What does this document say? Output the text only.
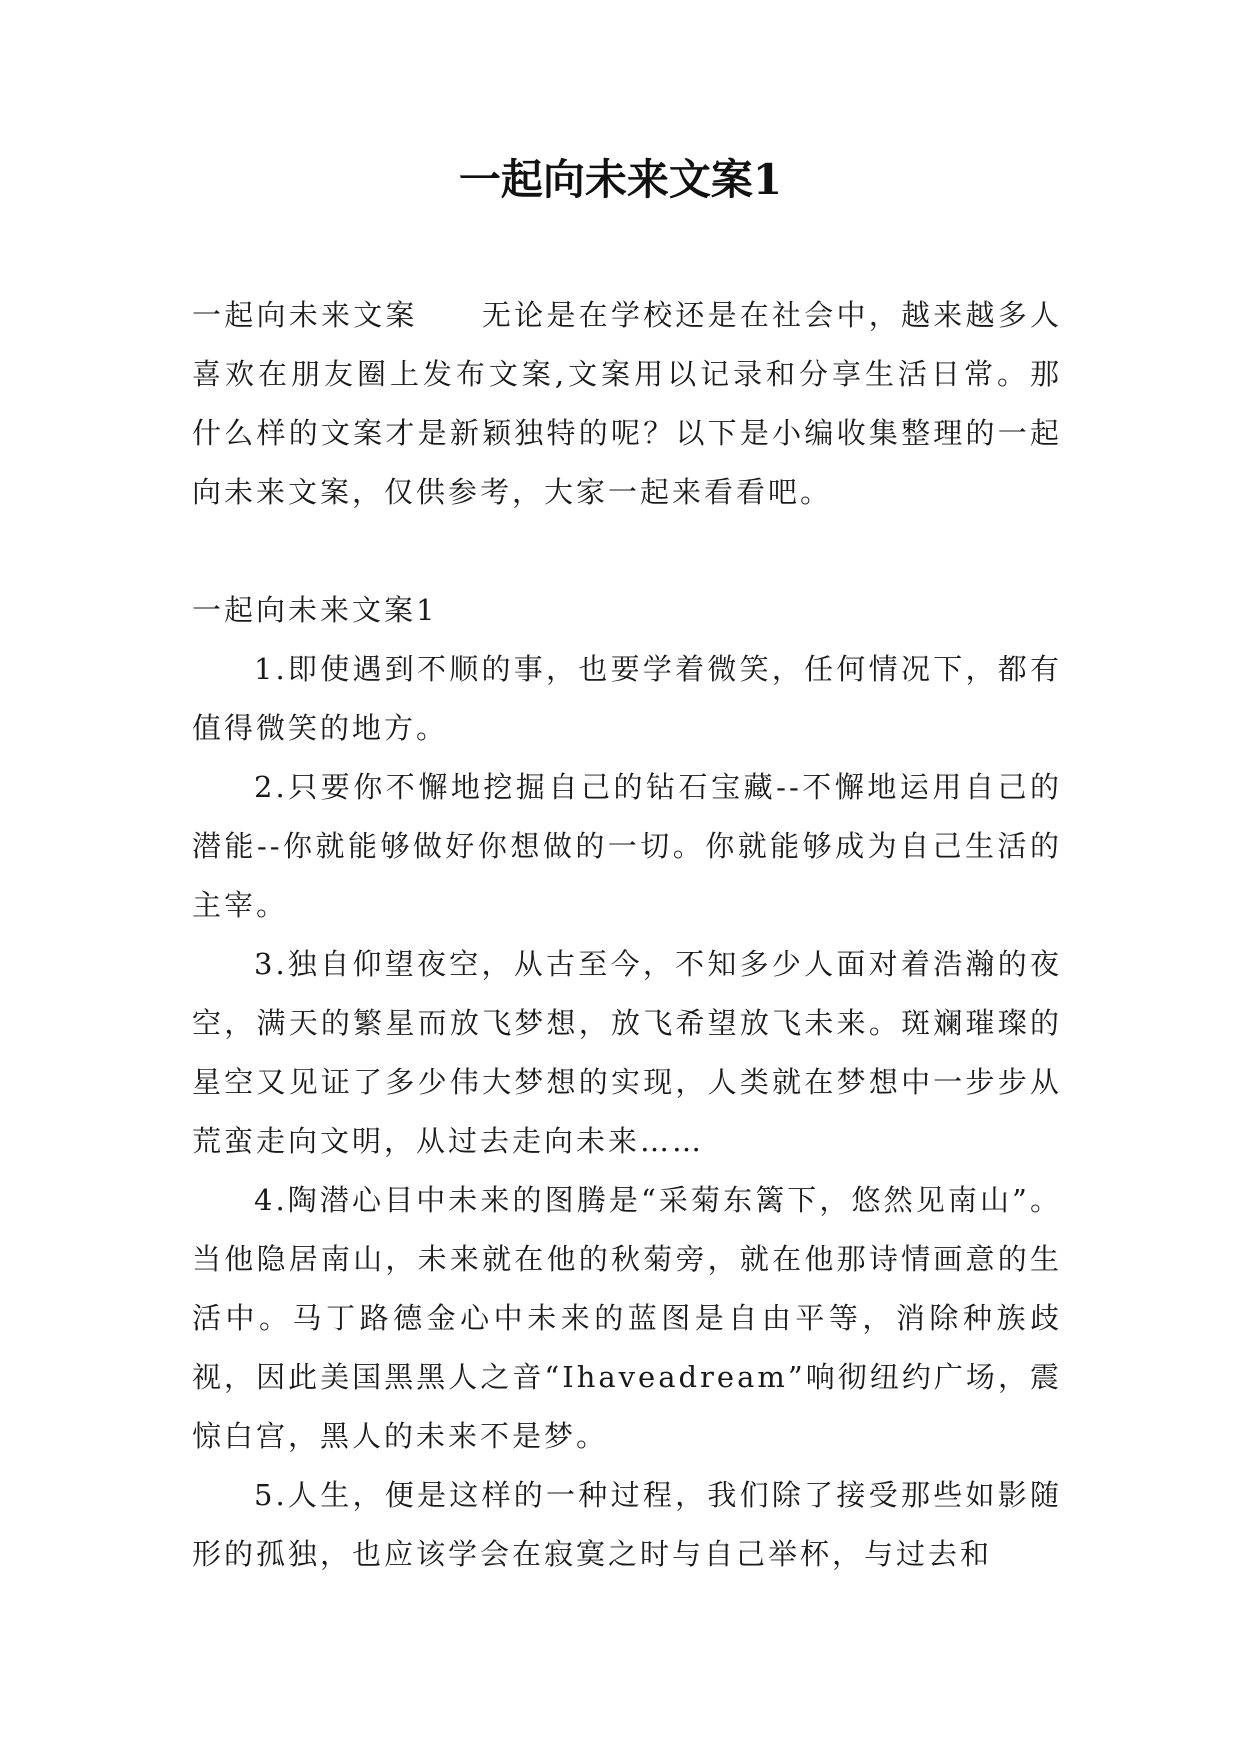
一起向未来文案1

一起向未来文案 无论是在学校还是在社会中，越来越多人喜欢在朋友圈上发布文案,文案用以记录和分享生活日常。那什么样的文案才是新颖独特的呢？以下是小编收集整理的一起向未来文案，仅供参考，大家一起来看看吧。

一起向未来文案1

1.即使遇到不顺的事，也要学着微笑，任何情况下，都有值得微笑的地方。

2.只要你不懈地挖掘自己的钻石宝藏--不懈地运用自己的潜能--你就能够做好你想做的一切。你就能够成为自己生活的主宰。

3.独自仰望夜空，从古至今，不知多少人面对着浩瀚的夜空，满天的繁星而放飞梦想，放飞希望放飞未来。斑斓璀璨的星空又见证了多少伟大梦想的实现，人类就在梦想中一步步从荒蛮走向文明，从过去走向未来……

4.陶潜心目中未来的图腾是“采菊东篱下，悠然见南山”。当他隐居南山，未来就在他的秋菊旁，就在他那诗情画意的生活中。马丁路德金心中未来的蓝图是自由平等，消除种族歧视，因此美国黑黑人之音“Ihaveadream”响彻纽约广场，震惊白宫，黑人的未来不是梦。

5.人生，便是这样的一种过程，我们除了接受那些如影随形的孤独，也应该学会在寂寞之时与自己举杯，与过去和
